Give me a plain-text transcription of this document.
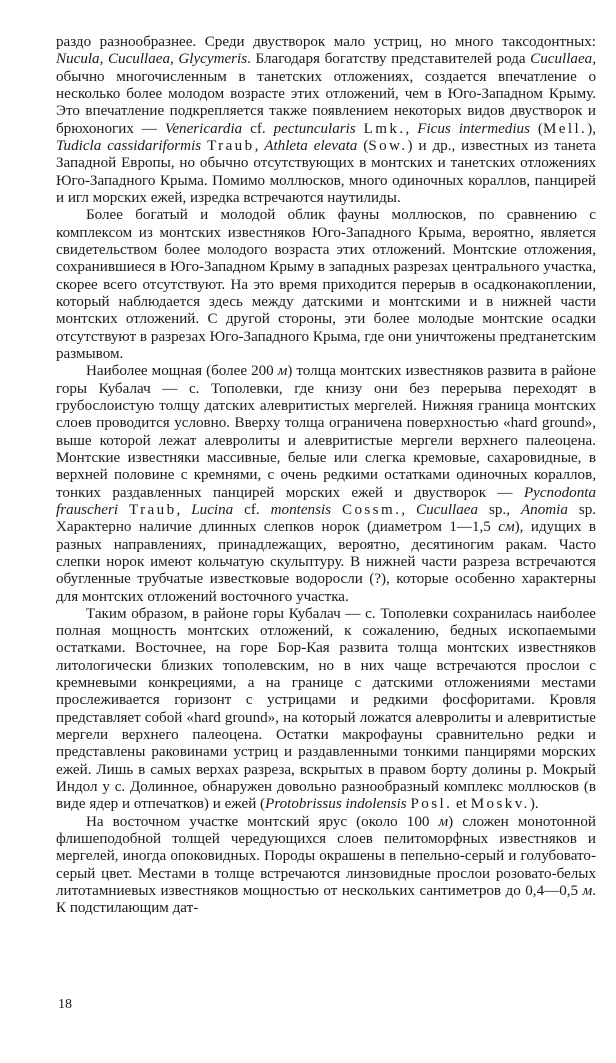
раздо разнообразнее. Среди двустворок мало устриц, но много таксодонтных: Nucula, Cucullaea, Glycymeris. Благодаря богатству представителей рода Cucullaea, обычно многочисленным в танетских отложениях, создается впечатление о несколько более молодом возрасте этих отложений, чем в Юго-Западном Крыму. Это впечатление подкрепляется также появлением некоторых видов двустворок и брюхоногих — Venericardia cf. pectuncularis Lmk., Ficus intermedius (Mell.), Tudicla cassidariformis Traub, Athleta elevata (Sow.) и др., известных из танета Западной Европы, но обычно отсутствующих в монтских и танетских отложениях Юго-Западного Крыма. Помимо моллюсков, много одиночных кораллов, панцирей и игл морских ежей, изредка встречаются наутилиды.

Более богатый и молодой облик фауны моллюсков, по сравнению с комплексом из монтских известняков Юго-Западного Крыма, вероятно, является свидетельством более молодого возраста этих отложений. Монтские отложения, сохранившиеся в Юго-Западном Крыму в западных разрезах центрального участка, скорее всего отсутствуют. На это время приходится перерыв в осадконакоплении, который наблюдается здесь между датскими и монтскими и в нижней части монтских отложений. С другой стороны, эти более молодые монтские осадки отсутствуют в разрезах Юго-Западного Крыма, где они уничтожены предтанетским размывом.

Наиболее мощная (более 200 м) толща монтских известняков развита в районе горы Кубалач — с. Тополевки, где книзу они без перерыва переходят в грубослоистую толщу датских алевритистых мергелей. Нижняя граница монтских слоев проводится условно. Вверху толща ограничена поверхностью «hard ground», выше которой лежат алевролиты и алевритистые мергели верхнего палеоцена. Монтские известняки массивные, белые или слегка кремовые, сахаровидные, в верхней половине с кремнями, с очень редкими остатками одиночных кораллов, тонких раздавленных панцирей морских ежей и двустворок — Pycnodonta frauscheri Traub, Lucina cf. montensis Cossm., Cucullaea sp., Anomia sp. Характерно наличие длинных слепков норок (диаметром 1—1,5 см), идущих в разных направлениях, принадлежащих, вероятно, десятиногим ракам. Часто слепки норок имеют кольчатую скульптуру. В нижней части разреза встречаются обугленные трубчатые известковые водоросли (?), которые особенно характерны для монтских отложений восточного участка.

Таким образом, в районе горы Кубалач — с. Тополевки сохранилась наиболее полная мощность монтских отложений, к сожалению, бедных ископаемыми остатками. Восточнее, на горе Бор-Кая развита толща монтских известняков литологически близких тополевским, но в них чаще встречаются прослои с кремневыми конкрециями, а на границе с датскими отложениями местами прослеживается горизонт с устрицами и редкими фосфоритами. Кровля представляет собой «hard ground», на который ложатся алевролиты и алевритистые мергели верхнего палеоцена. Остатки макрофауны сравнительно редки и представлены раковинами устриц и раздавленными тонкими панцирями морских ежей. Лишь в самых верхах разреза, вскрытых в правом борту долины р. Мокрый Индол у с. Долинное, обнаружен довольно разнообразный комплекс моллюсков (в виде ядер и отпечатков) и ежей (Protobrissus indolensis Posl. et Moskv.).

На восточном участке монтский ярус (около 100 м) сложен монотонной флишеподобной толщей чередующихся слоев пелитоморфных известняков и мергелей, иногда опоковидных. Породы окрашены в пепельно-серый и голубовато-серый цвет. Местами в толще встречаются линзовидные прослои розовато-белых литотамниевых известняков мощностью от нескольких сантиметров до 0,4—0,5 м. К подстилающим дат-

18
